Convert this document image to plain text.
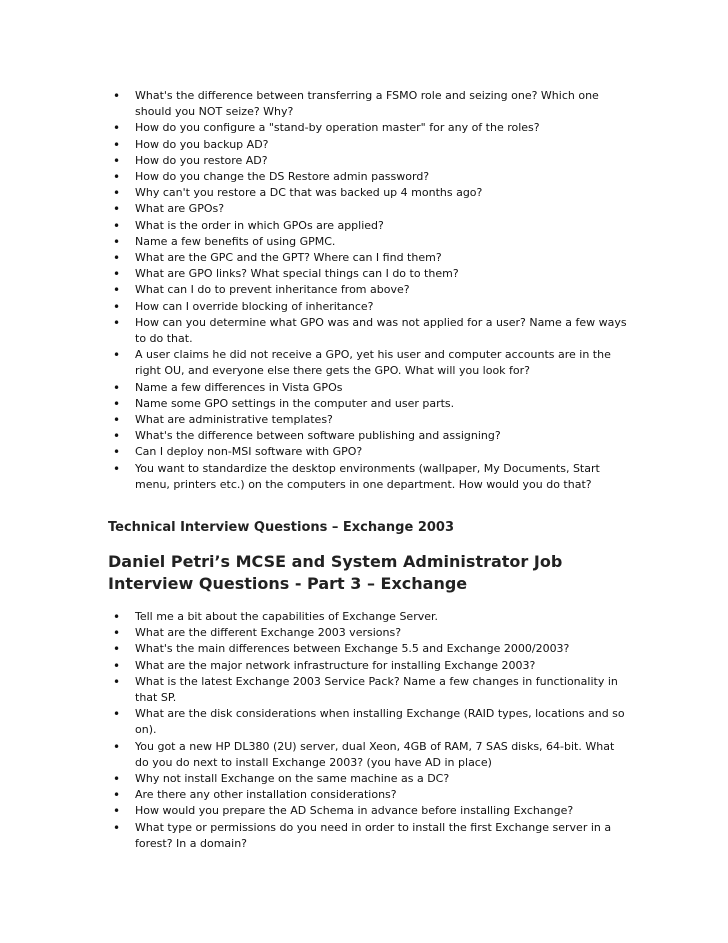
• What's the difference between transferring a FSMO role and seizing one? Which one should you NOT seize? Why?
• How do you configure a "stand-by operation master" for any of the roles?
• How do you backup AD?
• How do you restore AD?
• How do you change the DS Restore admin password?
• Why can't you restore a DC that was backed up 4 months ago?
• What are GPOs?
• What is the order in which GPOs are applied?
• Name a few benefits of using GPMC.
• What are the GPC and the GPT? Where can I find them?
• What are GPO links? What special things can I do to them?
• What can I do to prevent inheritance from above?
• How can I override blocking of inheritance?
• How can you determine what GPO was and was not applied for a user? Name a few ways to do that.
• A user claims he did not receive a GPO, yet his user and computer accounts are in the right OU, and everyone else there gets the GPO. What will you look for?
• Name a few differences in Vista GPOs
• Name some GPO settings in the computer and user parts.
• What are administrative templates?
• What's the difference between software publishing and assigning?
• Can I deploy non-MSI software with GPO?
• You want to standardize the desktop environments (wallpaper, My Documents, Start menu, printers etc.) on the computers in one department. How would you do that?
Technical Interview Questions – Exchange 2003
Daniel Petri’s MCSE and System Administrator Job Interview Questions - Part 3 – Exchange
• Tell me a bit about the capabilities of Exchange Server.
• What are the different Exchange 2003 versions?
• What's the main differences between Exchange 5.5 and Exchange 2000/2003?
• What are the major network infrastructure for installing Exchange 2003?
• What is the latest Exchange 2003 Service Pack? Name a few changes in functionality in that SP.
• What are the disk considerations when installing Exchange (RAID types, locations and so on).
• You got a new HP DL380 (2U) server, dual Xeon, 4GB of RAM, 7 SAS disks, 64-bit. What do you do next to install Exchange 2003? (you have AD in place)
• Why not install Exchange on the same machine as a DC?
• Are there any other installation considerations?
• How would you prepare the AD Schema in advance before installing Exchange?
• What type or permissions do you need in order to install the first Exchange server in a forest? In a domain?
